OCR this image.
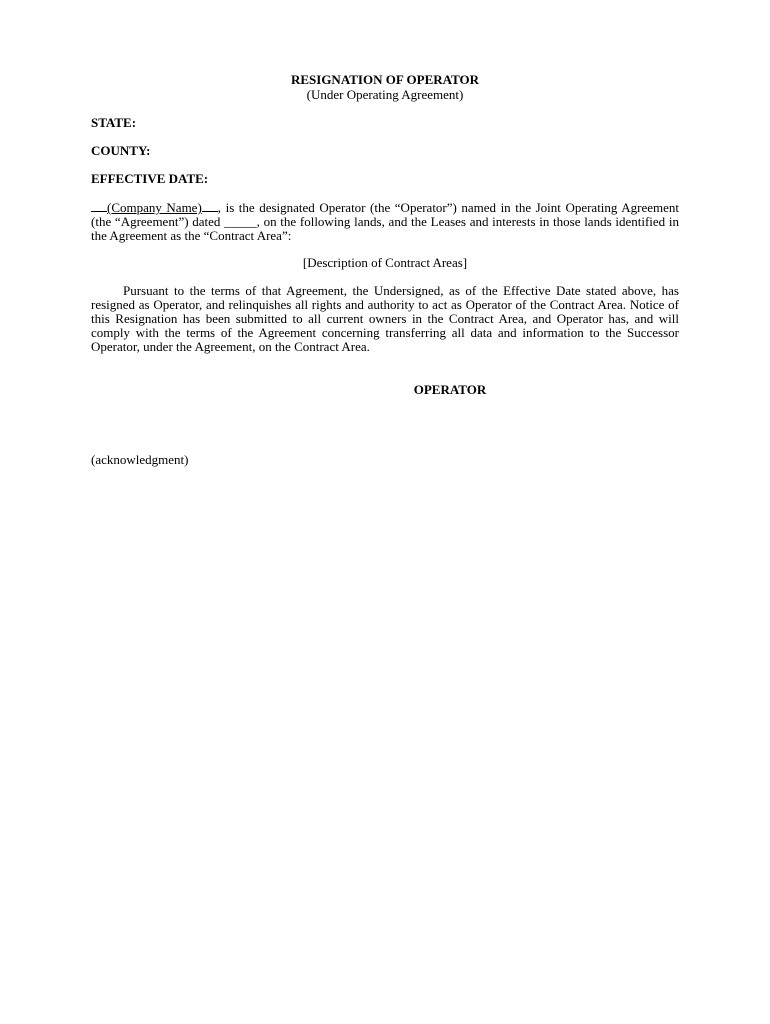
RESIGNATION OF OPERATOR
(Under Operating Agreement)
STATE:
COUNTY:
EFFECTIVE DATE:
(Company Name) , is the designated Operator (the “Operator”) named in the Joint Operating Agreement (the “Agreement”) dated _____, on the following lands, and the Leases and interests in those lands identified in the Agreement as the “Contract Area”:
[Description of Contract Areas]
Pursuant to the terms of that Agreement, the Undersigned, as of the Effective Date stated above, has resigned as Operator, and relinquishes all rights and authority to act as Operator of the Contract Area. Notice of this Resignation has been submitted to all current owners in the Contract Area, and Operator has, and will comply with the terms of the Agreement concerning transferring all data and information to the Successor Operator, under the Agreement, on the Contract Area.
OPERATOR
(acknowledgment)
